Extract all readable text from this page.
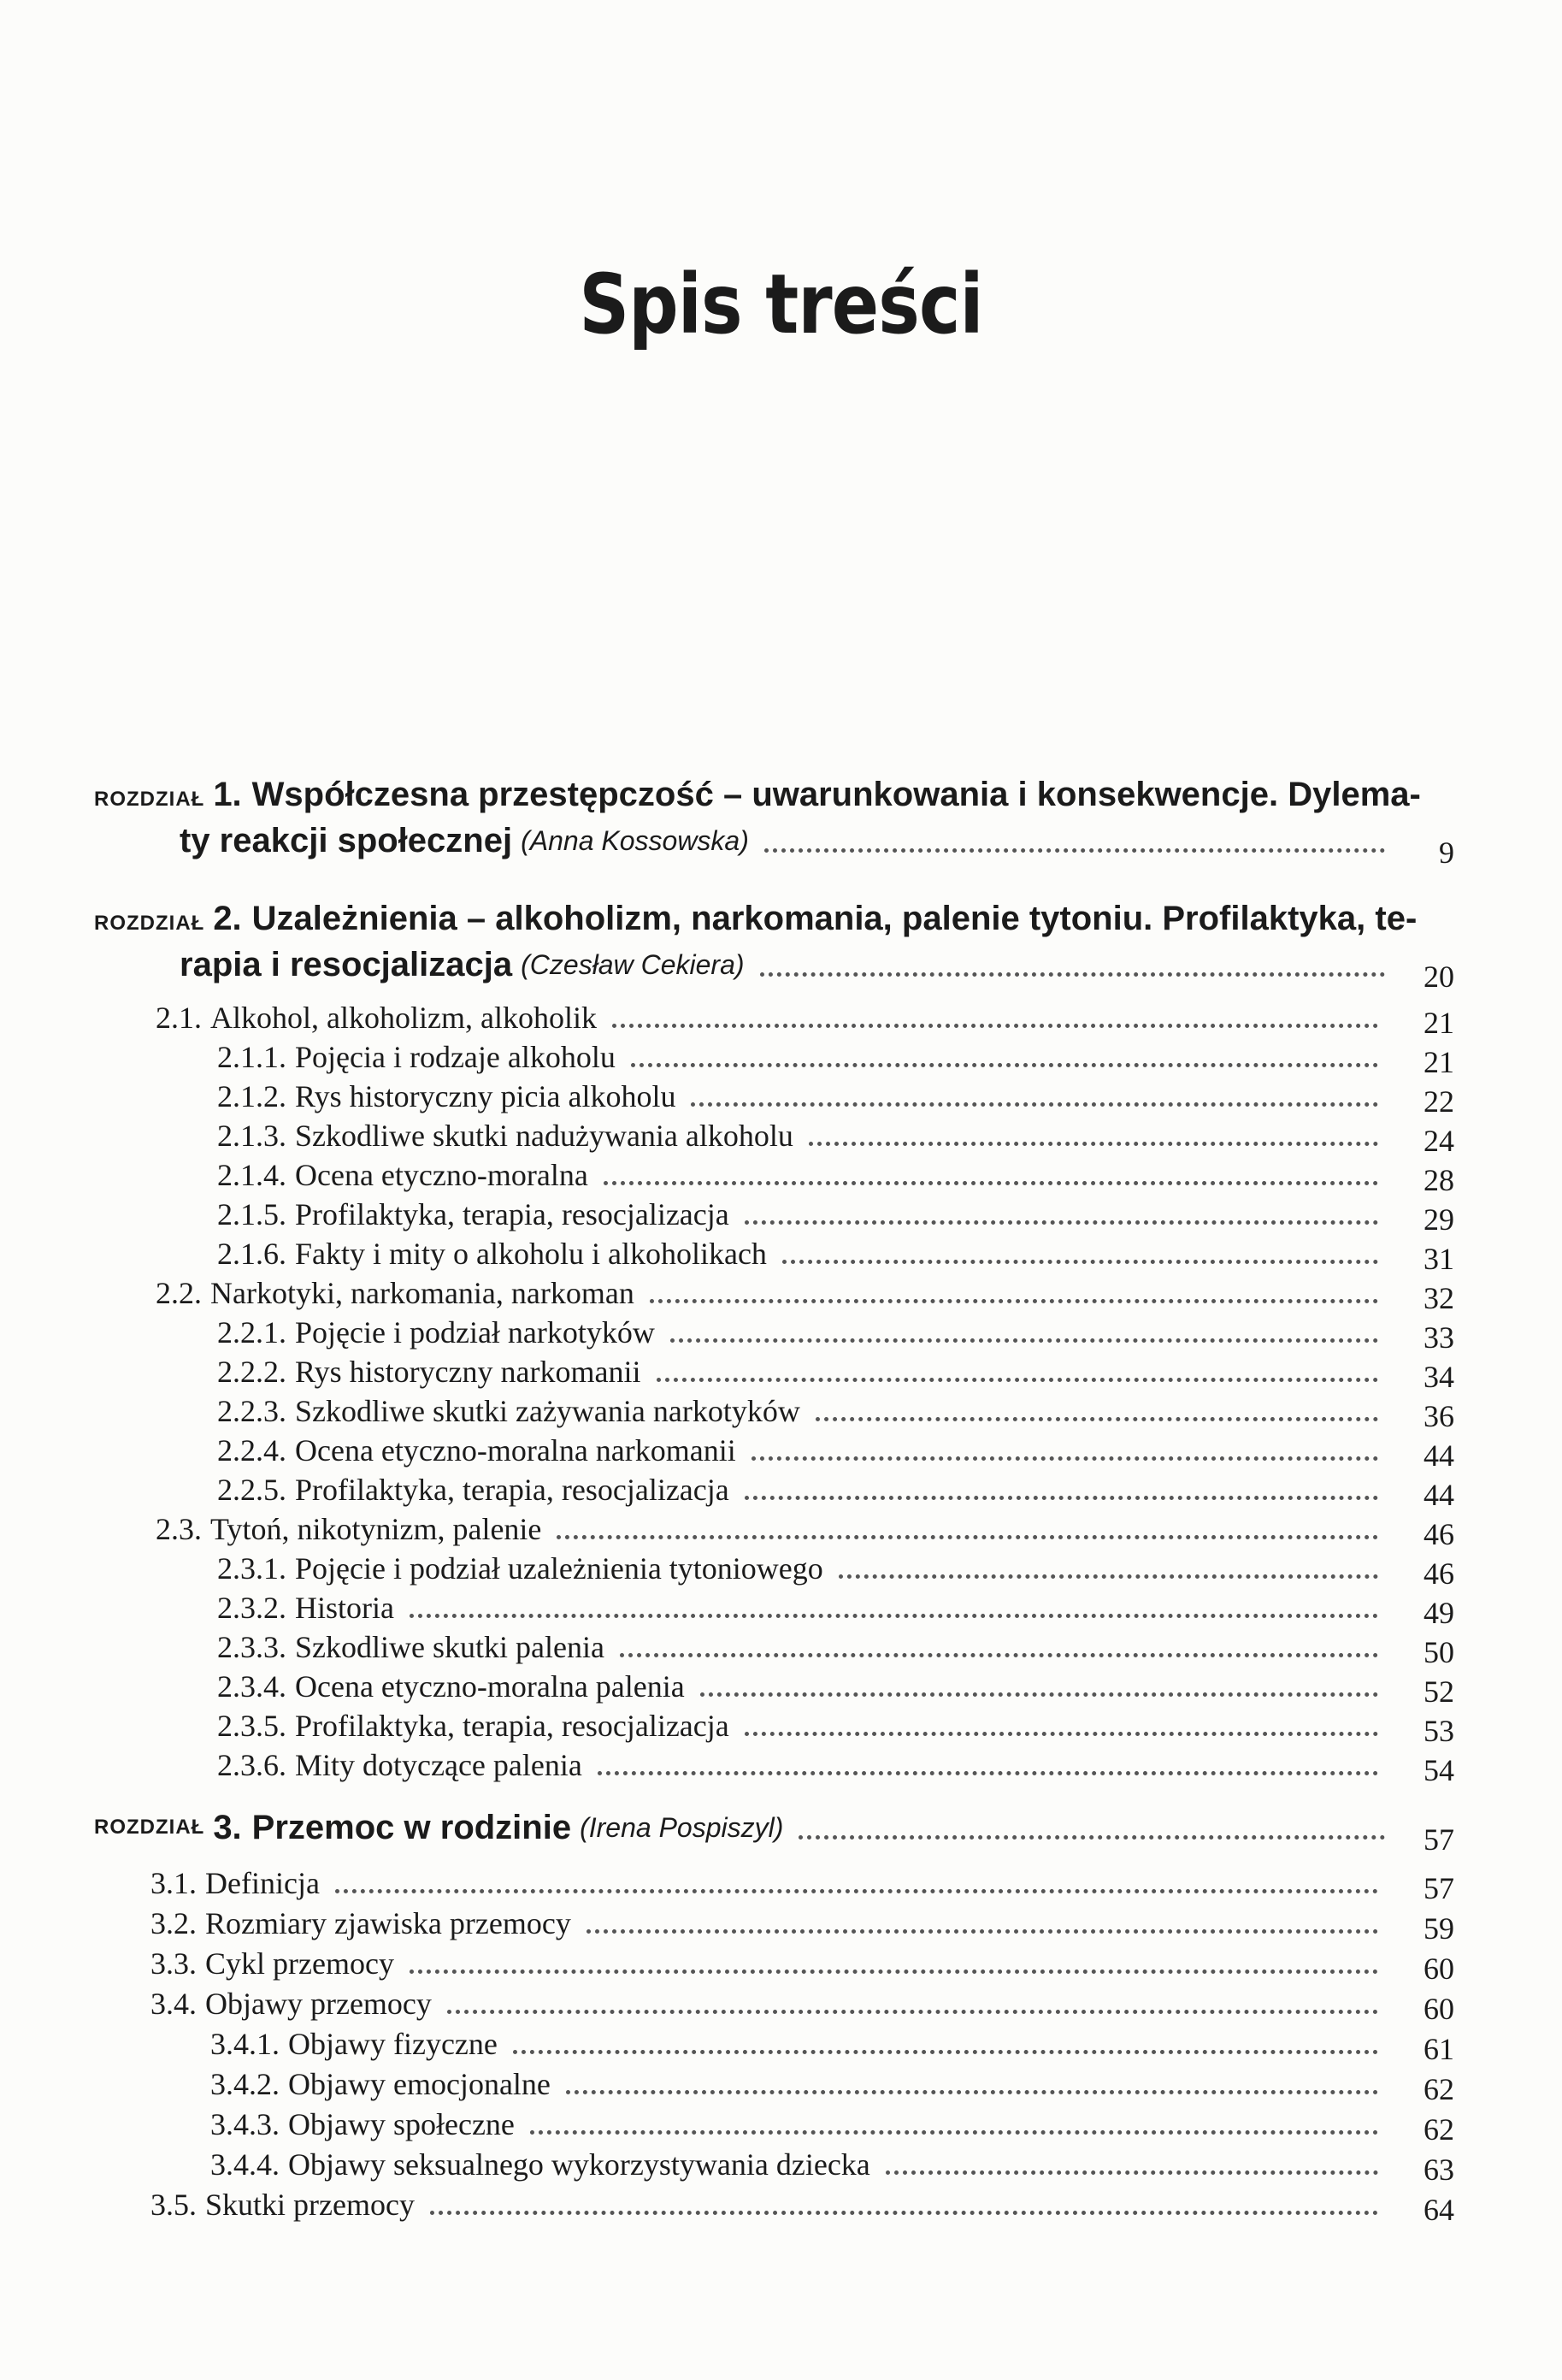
Spis treści
ROZDZIAŁ 1. Współczesna przestępczość – uwarunkowania i konsekwencje. Dylema-
ty reakcji społecznej (Anna Kossowska)	9
ROZDZIAŁ 2. Uzależnienia – alkoholizm, narkomania, palenie tytoniu. Profilaktyka, te-
rapia i resocjalizacja (Czesław Cekiera)	20
2.1. Alkohol, alkoholizm, alkoholik	21
2.1.1. Pojęcia i rodzaje alkoholu	21
2.1.2. Rys historyczny picia alkoholu	22
2.1.3. Szkodliwe skutki nadużywania alkoholu	24
2.1.4. Ocena etyczno-moralna	28
2.1.5. Profilaktyka, terapia, resocjalizacja	29
2.1.6. Fakty i mity o alkoholu i alkoholikach	31
2.2. Narkotyki, narkomania, narkoman	32
2.2.1. Pojęcie i podział narkotyków	33
2.2.2. Rys historyczny narkomanii	34
2.2.3. Szkodliwe skutki zażywania narkotyków	36
2.2.4. Ocena etyczno-moralna narkomanii	44
2.2.5. Profilaktyka, terapia, resocjalizacja	44
2.3. Tytoń, nikotynizm, palenie	46
2.3.1. Pojęcie i podział uzależnienia tytoniowego	46
2.3.2. Historia	49
2.3.3. Szkodliwe skutki palenia	50
2.3.4. Ocena etyczno-moralna palenia	52
2.3.5. Profilaktyka, terapia, resocjalizacja	53
2.3.6. Mity dotyczące palenia	54
ROZDZIAŁ 3. Przemoc w rodzinie (Irena Pospiszyl)	57
3.1. Definicja	57
3.2. Rozmiary zjawiska przemocy	59
3.3. Cykl przemocy	60
3.4. Objawy przemocy	60
3.4.1. Objawy fizyczne	61
3.4.2. Objawy emocjonalne	62
3.4.3. Objawy społeczne	62
3.4.4. Objawy seksualnego wykorzystywania dziecka	63
3.5. Skutki przemocy	64
